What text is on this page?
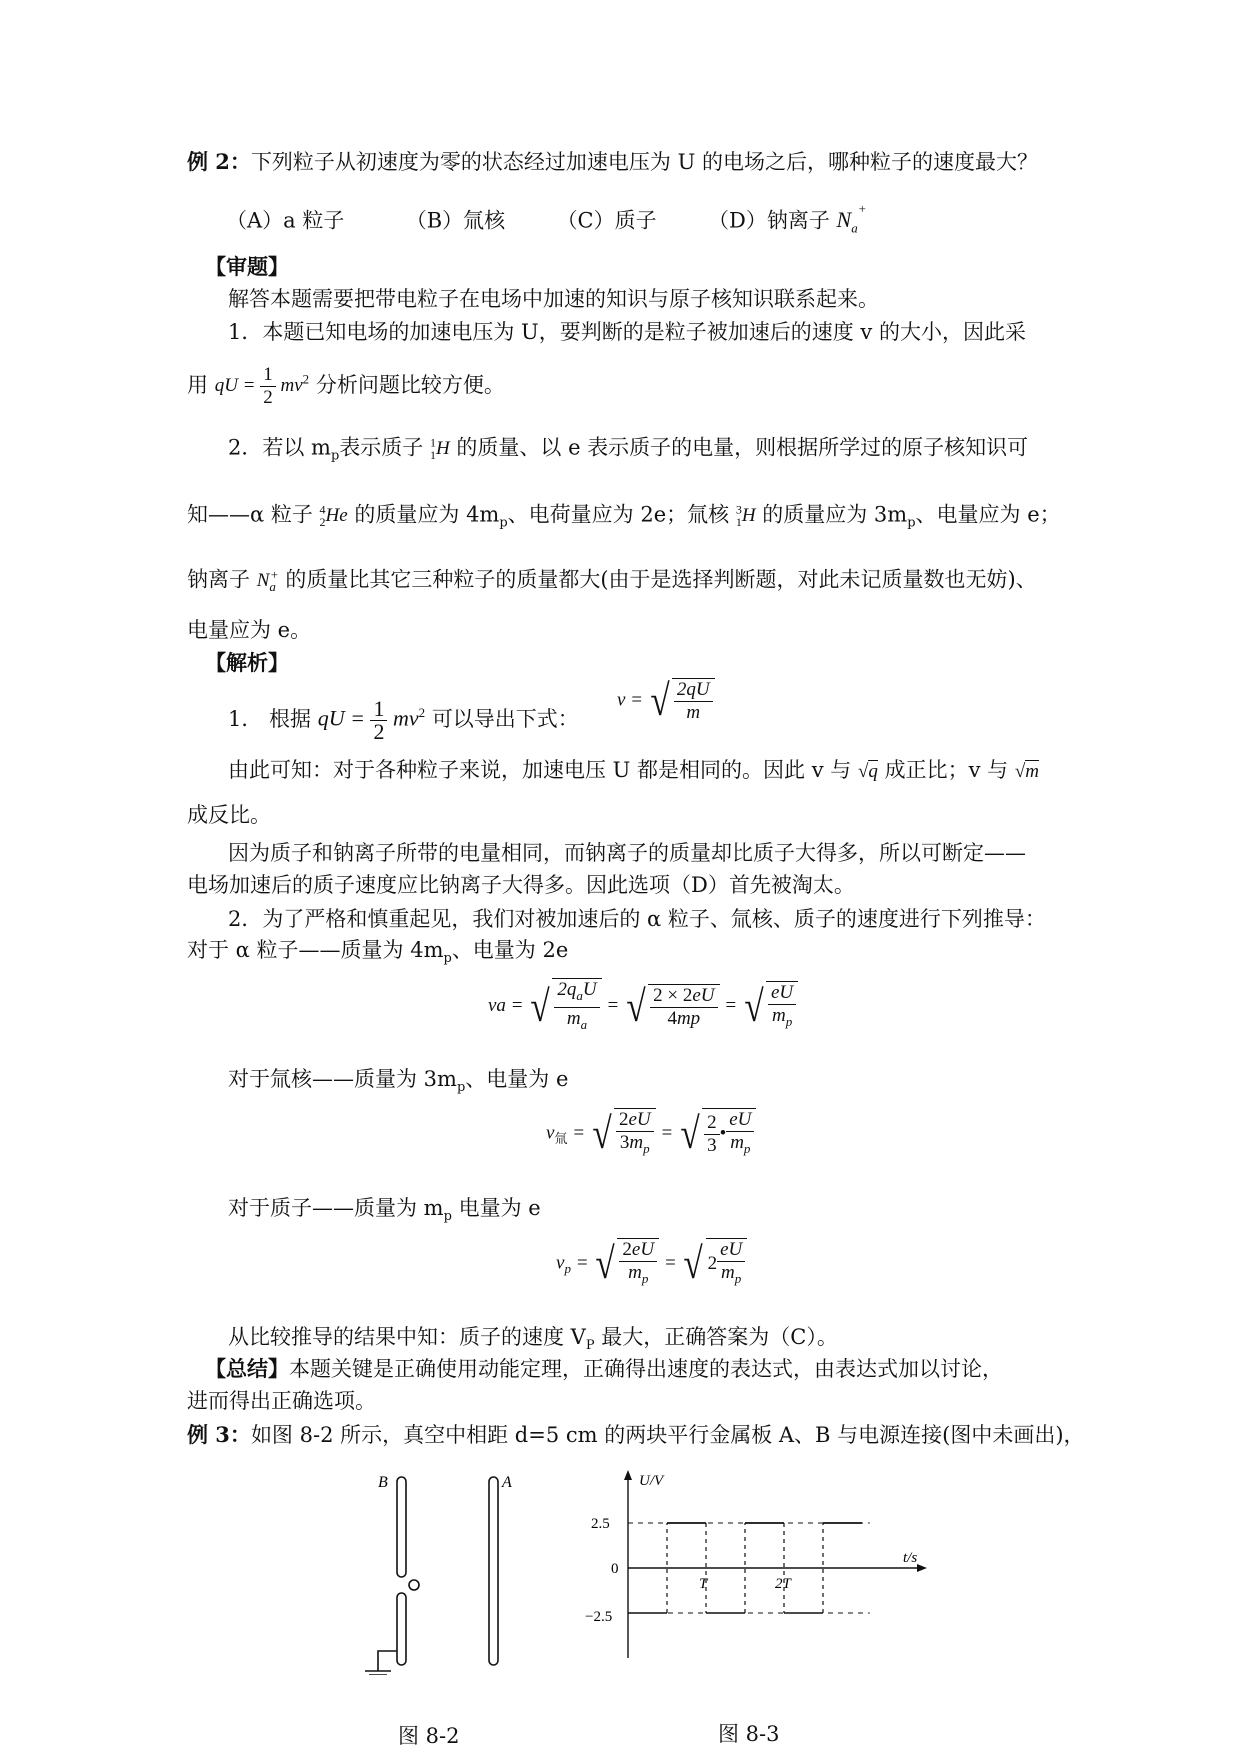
例 2：下列粒子从初速度为零的状态经过加速电压为 U 的电场之后，哪种粒子的速度最大？
（A）a 粒子	（B）氚核 （C）质子 （D）钠离子 $N_a^+$
【审题】
解答本题需要把带电粒子在电场中加速的知识与原子核知识联系起来。
1．本题已知电场的加速电压为 U，要判断的是粒子被加速后的速度 v 的大小，因此采
用 qU = $\frac{1}{2} mv^2$ 分析问题比较方便。
2．若以 $m_p$表示质子 $^1_1$H 的质量、以 e 表示质子的电量，则根据所学过的原子核知识可
知——α 粒子 $^4_2$He 的质量应为 $4m_p$、电荷量应为 2e；氚核 $^3_1$H 的质量应为 $3m_p$、电量应为 e；
钠离子 $N_a^+$ 的质量比其它三种粒子的质量都大(由于是选择判断题，对此未记质量数也无妨)、
电量应为 e。
【解析】
1． 根据 qU = $\frac{1}{2} mv^2$ 可以导出下式：
v = √ $\frac{2qU}{m}$
由此可知：对于各种粒子来说，加速电压 U 都是相同的。因此 v 与 √q 成正比；v 与 √m
成反比。
因为质子和钠离子所带的电量相同，而钠离子的质量却比质子大得多，所以可断定——
电场加速后的质子速度应比钠离子大得多。因此选项（D）首先被淘太。
2．为了严格和慎重起见，我们对被加速后的 α 粒子、氚核、质子的速度进行下列推导：
对于 α 粒子——质量为 $4m_p$、电量为 2e
va = √ $\frac{2q_aU}{m_a}$ = √ $\frac{2 \times 2eU}{4mp}$ = √ $\frac{eU}{m_p}$
对于氚核——质量为 $3m_p$、电量为 e
$v_氚$ = √ $\frac{2eU}{3m_p}$ = √ $\frac{2}{3}$ • $\frac{eU}{m_p}$
对于质子——质量为 $m_p$ 电量为 e
$v_p$ = √ $\frac{2eU}{m_p}$ = √ $2 \frac{eU}{m_p}$
从比较推导的结果中知：质子的速度 $V_P$ 最大，正确答案为（C）。
【总结】本题关键是正确使用动能定理，正确得出速度的表达式，由表达式加以讨论，
进而得出正确选项。
例 3：如图 8-2 所示，真空中相距 d=5 cm 的两块平行金属板 A、B 与电源连接(图中未画出)，
B	A	U/V
t/s
2.5
0
−2.5
T	2T
图 8-2	图 8-3
